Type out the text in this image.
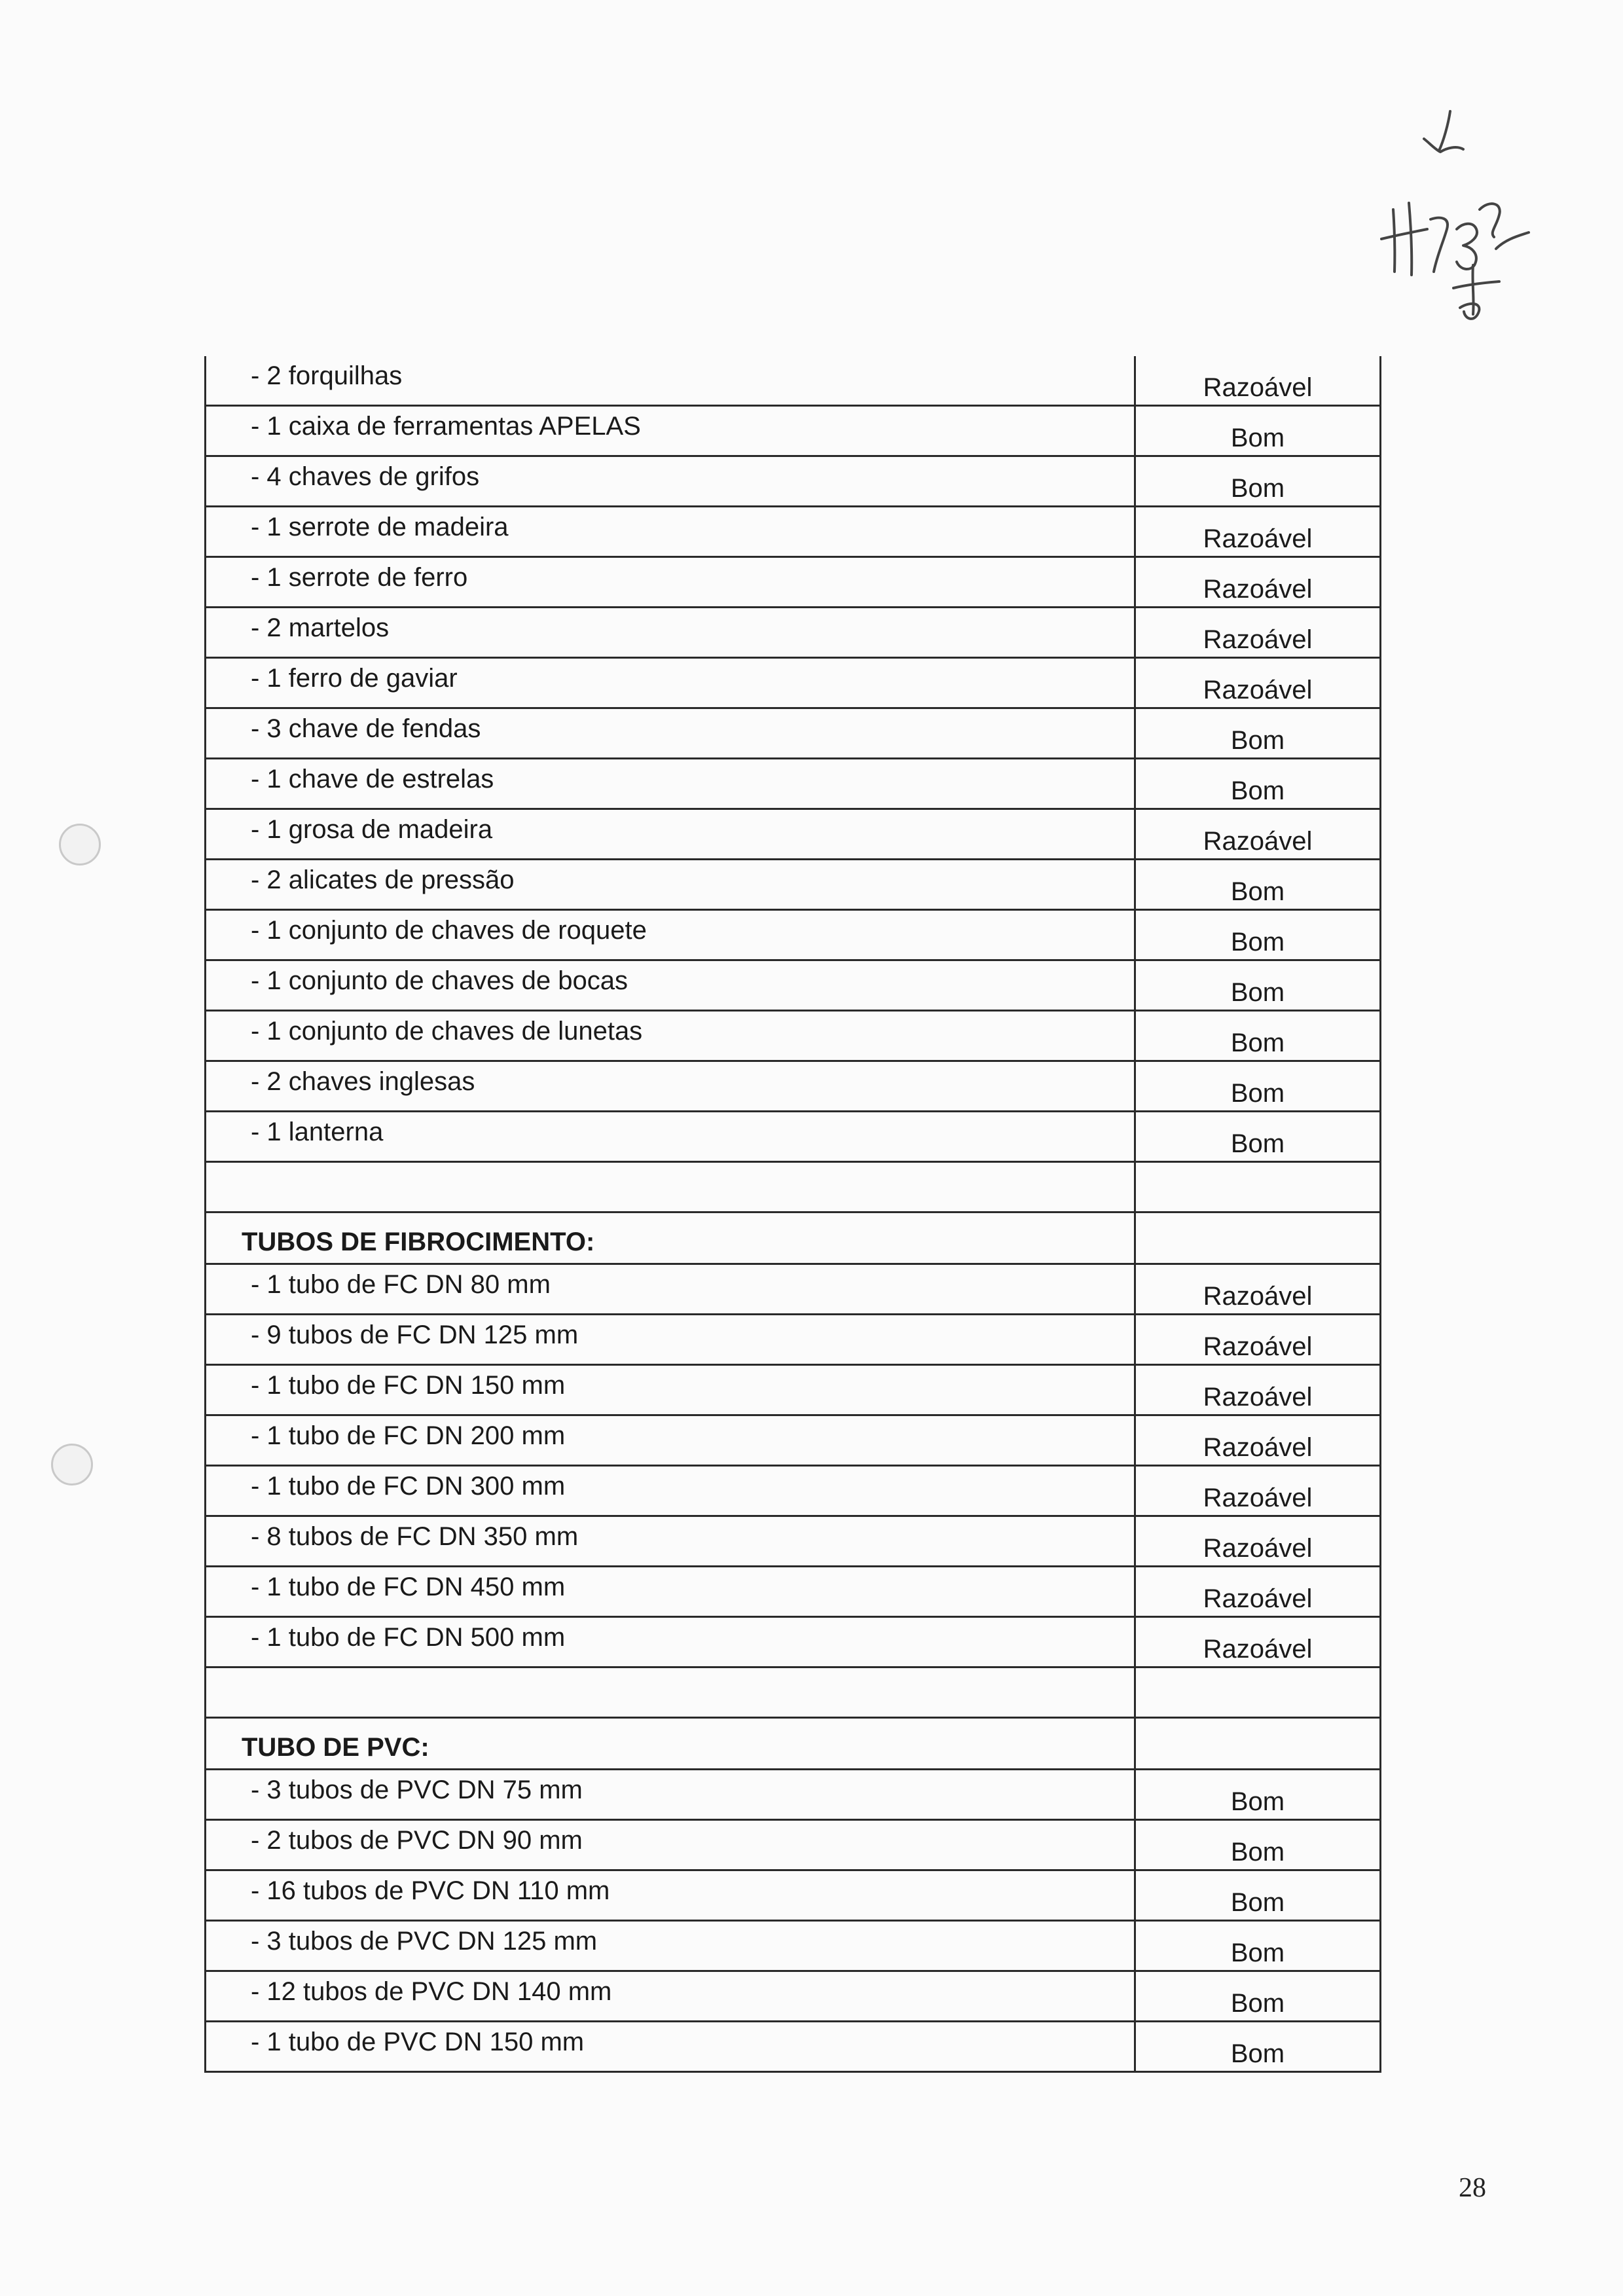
- 2 forquilhas	Razoável
- 1 caixa de ferramentas APELAS	Bom
- 4 chaves de grifos	Bom
- 1 serrote de madeira	Razoável
- 1 serrote de ferro	Razoável
- 2 martelos	Razoável
- 1 ferro de gaviar	Razoável
- 3 chave de fendas	Bom
- 1 chave de estrelas	Bom
- 1 grosa de madeira	Razoável
- 2 alicates de pressão	Bom
- 1 conjunto de chaves de roquete	Bom
- 1 conjunto de chaves de bocas	Bom
- 1 conjunto de chaves de lunetas	Bom
- 2 chaves inglesas	Bom
- 1 lanterna	Bom

TUBOS DE FIBROCIMENTO:	
- 1 tubo de FC DN 80 mm	Razoável
- 9 tubos de FC DN 125 mm	Razoável
- 1 tubo de FC DN 150 mm	Razoável
- 1 tubo de FC DN 200 mm	Razoável
- 1 tubo de FC DN 300 mm	Razoável
- 8 tubos de FC DN 350 mm	Razoável
- 1 tubo de FC DN 450 mm	Razoável
- 1 tubo de FC DN 500 mm	Razoável

TUBO DE PVC:	
- 3 tubos de PVC DN 75 mm	Bom
- 2 tubos de PVC DN 90 mm	Bom
- 16 tubos de PVC DN 110 mm	Bom
- 3 tubos de PVC DN 125 mm	Bom
- 12 tubos de PVC DN 140 mm	Bom
- 1 tubo de PVC DN 150 mm	Bom
28
